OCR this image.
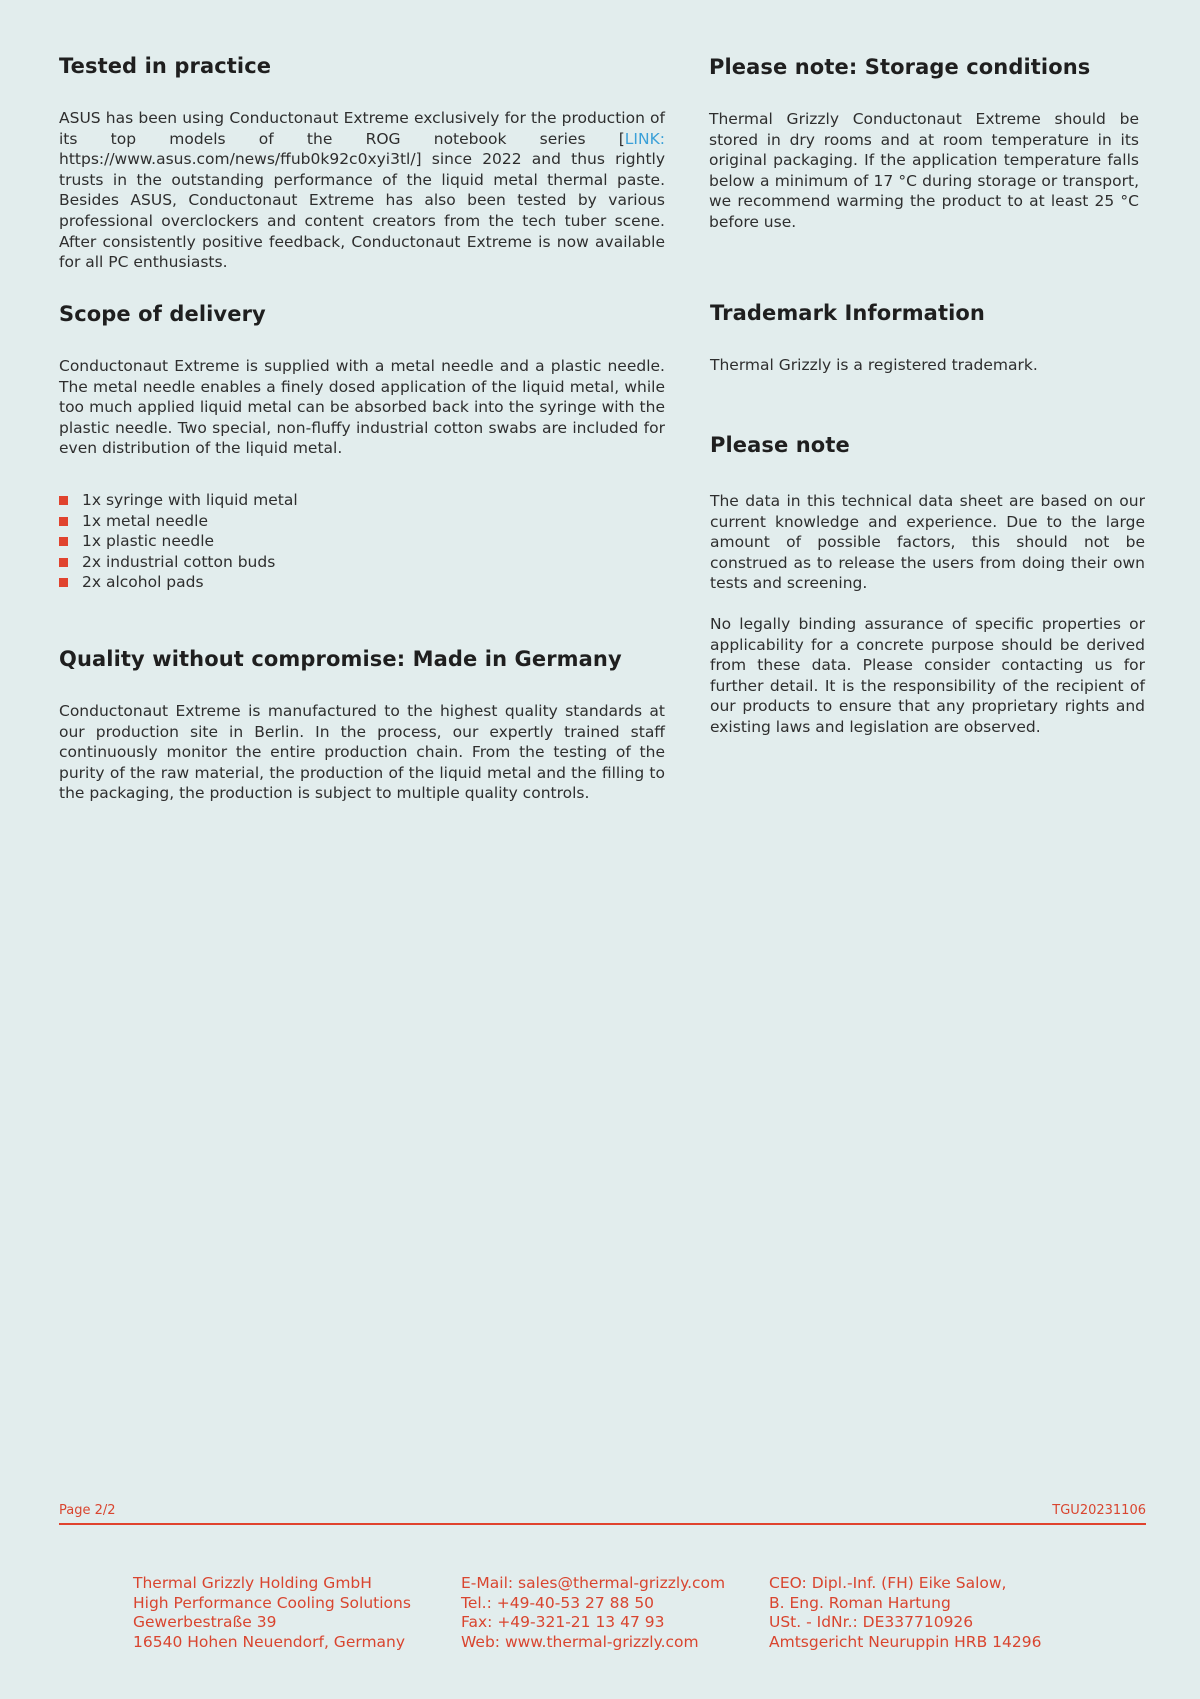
Tested in practice

ASUS has been using Conductonaut Extreme exclusively for the production of its top models of the ROG notebook series [LINK: https://www.asus.com/news/ffub0k92c0xyi3tl/] since 2022 and thus rightly trusts in the outstanding performance of the liquid metal thermal paste. Besides ASUS, Conductonaut Extreme has also been tested by various professional overclockers and content creators from the tech tuber scene. After consistently positive feedback, Conductonaut Extreme is now available for all PC enthusiasts.

Scope of delivery

Conductonaut Extreme is supplied with a metal needle and a plastic needle. The metal needle enables a finely dosed application of the liquid metal, while too much applied liquid metal can be absorbed back into the syringe with the plastic needle. Two special, non-fluffy industrial cotton swabs are included for even distribution of the liquid metal.

1x syringe with liquid metal
1x metal needle
1x plastic needle
2x industrial cotton buds
2x alcohol pads
Quality without compromise: Made in Germany

Conductonaut Extreme is manufactured to the highest quality standards at our production site in Berlin. In the process, our expertly trained staff continuously monitor the entire production chain. From the testing of the purity of the raw material, the production of the liquid metal and the filling to the packaging, the production is subject to multiple quality controls.

Please note: Storage conditions

Thermal Grizzly Conductonaut Extreme should be stored in dry rooms and at room temperature in its original packaging. If the application temperature falls below a minimum of 17 °C during storage or transport, we recommend warming the product to at least 25 °C before use.

Trademark Information

Thermal Grizzly is a registered trademark.

Please note

The data in this technical data sheet are based on our current knowledge and experience. Due to the large amount of possible factors, this should not be construed as to release the users from doing their own tests and screening.

No legally binding assurance of specific properties or applicability for a concrete purpose should be derived from these data. Please consider contacting us for further detail. It is the responsibility of the recipient of our products to ensure that any proprietary rights and existing laws and legislation are observed.

Page 2/2	TGU20231106
Thermal Grizzly Holding GmbH
High Performance Cooling Solutions
Gewerbestraße 39
16540 Hohen Neuendorf, Germany
E-Mail: sales@thermal-grizzly.com
Tel.: +49-40-53 27 88 50
Fax: +49-321-21 13 47 93
Web: www.thermal-grizzly.com
CEO: Dipl.-Inf. (FH) Eike Salow,
B. Eng. Roman Hartung
USt. - IdNr.: DE337710926
Amtsgericht Neuruppin HRB 14296
